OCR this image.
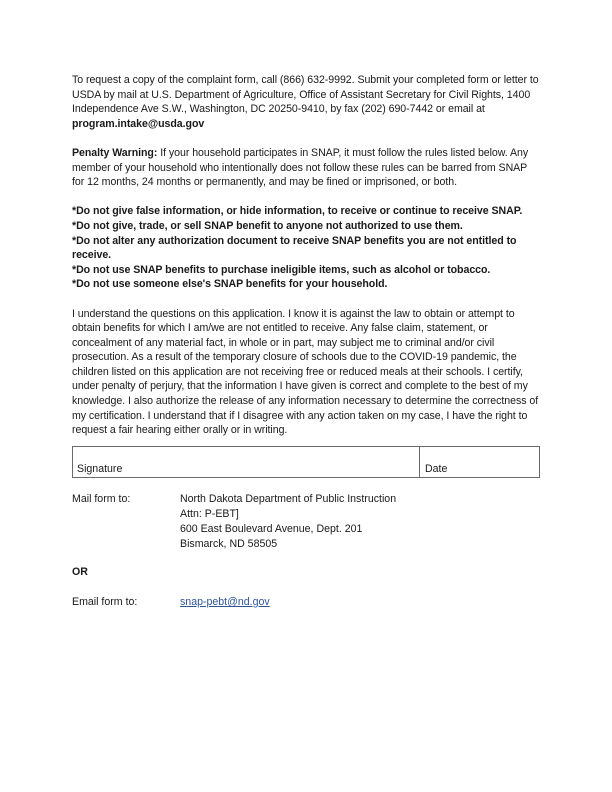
To request a copy of the complaint form, call (866) 632-9992. Submit your completed form or letter to USDA by mail at U.S. Department of Agriculture, Office of Assistant Secretary for Civil Rights, 1400 Independence Ave S.W., Washington, DC 20250-9410, by fax (202) 690-7442 or email at program.intake@usda.gov

Penalty Warning: If your household participates in SNAP, it must follow the rules listed below. Any member of your household who intentionally does not follow these rules can be barred from SNAP for 12 months, 24 months or permanently, and may be fined or imprisoned, or both.

*Do not give false information, or hide information, to receive or continue to receive SNAP.

*Do not give, trade, or sell SNAP benefit to anyone not authorized to use them.

*Do not alter any authorization document to receive SNAP benefits you are not entitled to receive.

*Do not use SNAP benefits to purchase ineligible items, such as alcohol or tobacco.

*Do not use someone else's SNAP benefits for your household.

I understand the questions on this application. I know it is against the law to obtain or attempt to obtain benefits for which I am/we are not entitled to receive. Any false claim, statement, or concealment of any material fact, in whole or in part, may subject me to criminal and/or civil prosecution. As a result of the temporary closure of schools due to the COVID-19 pandemic, the children listed on this application are not receiving free or reduced meals at their schools. I certify, under penalty of perjury, that the information I have given is correct and complete to the best of my knowledge. I also authorize the release of any information necessary to determine the correctness of my certification. I understand that if I disagree with any action taken on my case, I have the right to request a fair hearing either orally or in writing.

Signature	Date
Mail form to:	North Dakota Department of Public Instruction
Attn: P-EBT]
600 East Boulevard Avenue, Dept. 201
Bismarck, ND 58505
OR
Email form to:	snap-pebt@nd.gov
